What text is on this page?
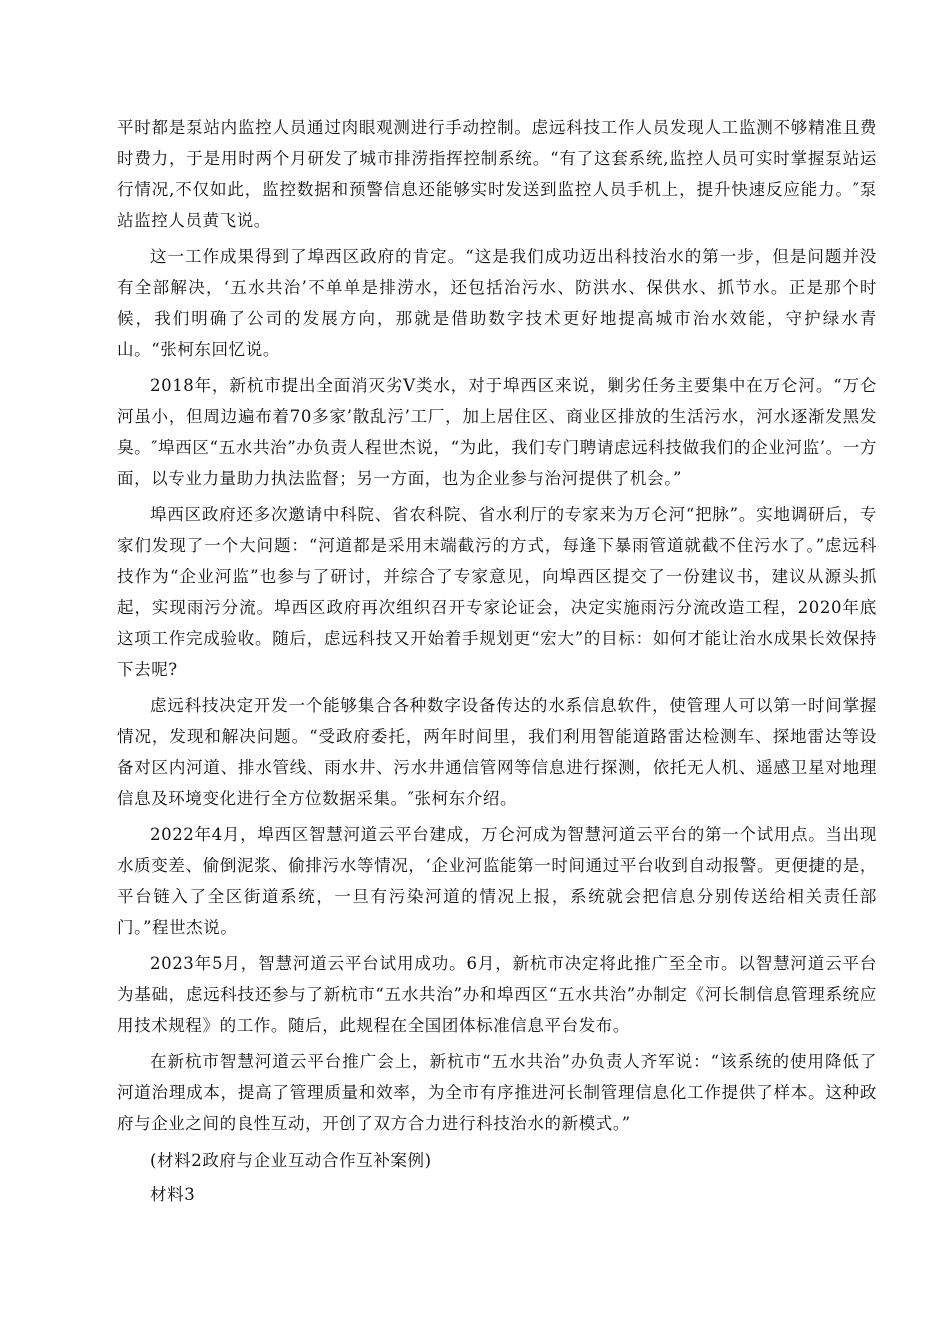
平时都是泵站内监控人员通过肉眼观测进行手动控制。虑远科技工作人员发现人工监测不够精准且费时费力，于是用时两个月研发了城市排涝指挥控制系统。“有了这套系统,监控人员可实时掌握泵站运行情况,不仅如此，监控数据和预警信息还能够实时发送到监控人员手机上，提升快速反应能力。″泵站监控人员黄飞说。

这一工作成果得到了埠西区政府的肯定。“这是我们成功迈出科技治水的第一步，但是问题并没有全部解决，‘五水共治’不单单是排涝水，还包括治污水、防洪水、保供水、抓节水。正是那个时候，我们明确了公司的发展方向，那就是借助数字技术更好地提高城市治水效能，守护绿水青山。“张柯东回忆说。

2018年，新杭市提出全面消灭劣Ⅴ类水，对于埠西区来说，剿劣任务主要集中在万仑河。“万仑河虽小，但周边遍布着70多家’散乱污’工厂，加上居住区、商业区排放的生活污水，河水逐渐发黑发臭。″埠西区“五水共治”办负责人程世杰说，“为此，我们专门聘请虑远科技做我们的企业河监’。一方面，以专业力量助力执法监督；另一方面，也为企业参与治河提供了机会。”

埠西区政府还多次邀请中科院、省农科院、省水利厅的专家来为万仑河“把脉”。实地调研后，专家们发现了一个大问题：“河道都是采用末端截污的方式，每逢下暴雨管道就截不住污水了。”虑远科技作为“企业河监”也参与了研讨，并综合了专家意见，向埠西区提交了一份建议书，建议从源头抓起，实现雨污分流。埠西区政府再次组织召开专家论证会，决定实施雨污分流改造工程，2020年底这项工作完成验收。随后，虑远科技又开始着手规划更“宏大”的目标：如何才能让治水成果长效保持下去呢?

虑远科技决定开发一个能够集合各种数字设备传达的水系信息软件，使管理人可以第一时间掌握情况，发现和解决问题。“受政府委托，两年时间里，我们利用智能道路雷达检测车、探地雷达等设备对区内河道、排水管线、雨水井、污水井通信管网等信息进行探测，依托无人机、遥感卫星对地理信息及环境变化进行全方位数据采集。″张柯东介绍。

2022年4月，埠西区智慧河道云平台建成，万仑河成为智慧河道云平台的第一个试用点。当出现水质变差、偷倒泥浆、偷排污水等情况，‘企业河监能第一时间通过平台收到自动报警。更便捷的是，平台链入了全区街道系统，一旦有污染河道的情况上报，系统就会把信息分别传送给相关责任部门。”程世杰说。

2023年5月，智慧河道云平台试用成功。6月，新杭市决定将此推广至全市。以智慧河道云平台为基础，虑远科技还参与了新杭市“五水共治”办和埠西区“五水共治”办制定《河长制信息管理系统应用技术规程》的工作。随后，此规程在全国团体标准信息平台发布。

在新杭市智慧河道云平台推广会上，新杭市“五水共治”办负责人齐军说：“该系统的使用降低了河道治理成本，提高了管理质量和效率，为全市有序推进河长制管理信息化工作提供了样本。这种政府与企业之间的良性互动，开创了双方合力进行科技治水的新模式。”

(材料2政府与企业互动合作互补案例)

材料3
